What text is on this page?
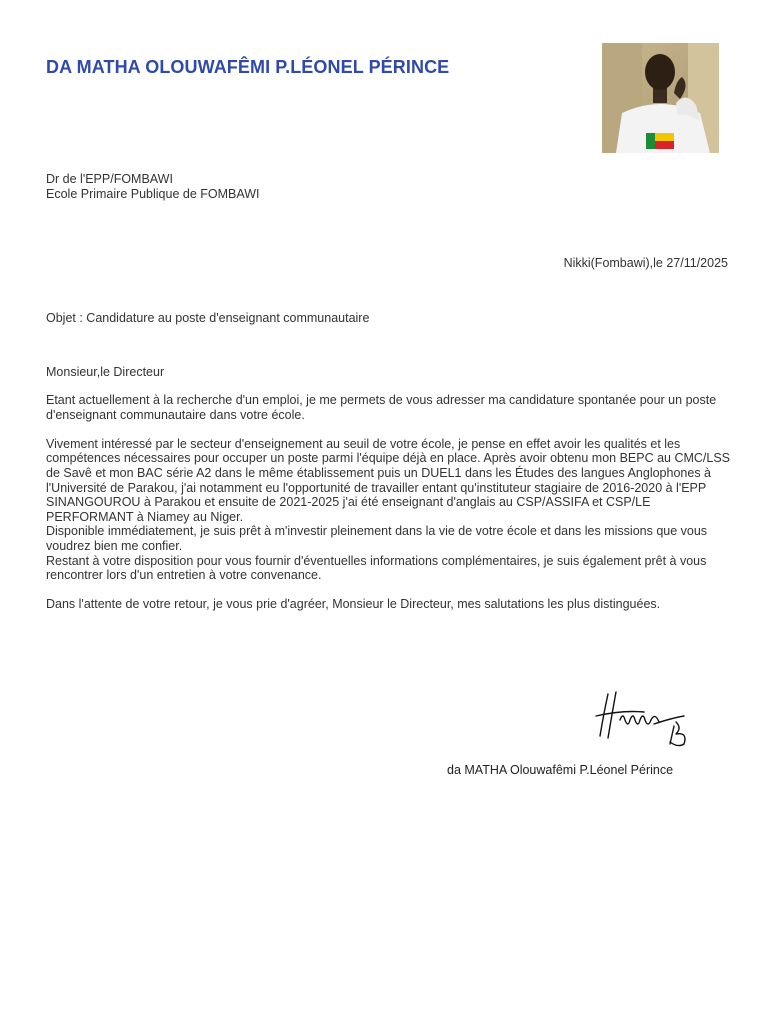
DA MATHA OLOUWAFÊMI P.LÉONEL PÉRINCE
Dr de l'EPP/FOMBAWI
Ecole Primaire Publique de FOMBAWI
Nikki(Fombawi),le 27/11/2025
Objet : Candidature au poste d'enseignant communautaire
Monsieur,le Directeur

Etant actuellement à la recherche d'un emploi, je me permets de vous adresser ma candidature spontanée pour un poste d'enseignant communautaire dans votre école.

Vivement intéressé par le secteur d'enseignement au seuil de votre école, je pense en effet avoir les qualités et les compétences nécessaires pour occuper un poste parmi l'équipe déjà en place. Après avoir obtenu mon BEPC au CMC/LSS de Savê et mon BAC série A2 dans le même établissement puis un DUEL1 dans les Études des langues Anglophones à l'Université de Parakou, j'ai notamment eu l'opportunité de travailler entant qu'instituteur stagiaire de 2016-2020 à l'EPP SINANGOUROU à Parakou et ensuite de 2021-2025 j'ai été enseignant d'anglais au CSP/ASSIFA et CSP/LE PERFORMANT à Niamey au Niger.

Disponible immédiatement, je suis prêt à m'investir pleinement dans la vie de votre école et dans les missions que vous voudrez bien me confier.

Restant à votre disposition pour vous fournir d'éventuelles informations complémentaires, je suis également prêt à vous rencontrer lors d'un entretien à votre convenance.

Dans l'attente de votre retour, je vous prie d'agréer, Monsieur le Directeur, mes salutations les plus distinguées.

da MATHA Olouwafêmi P.Léonel Pérince
